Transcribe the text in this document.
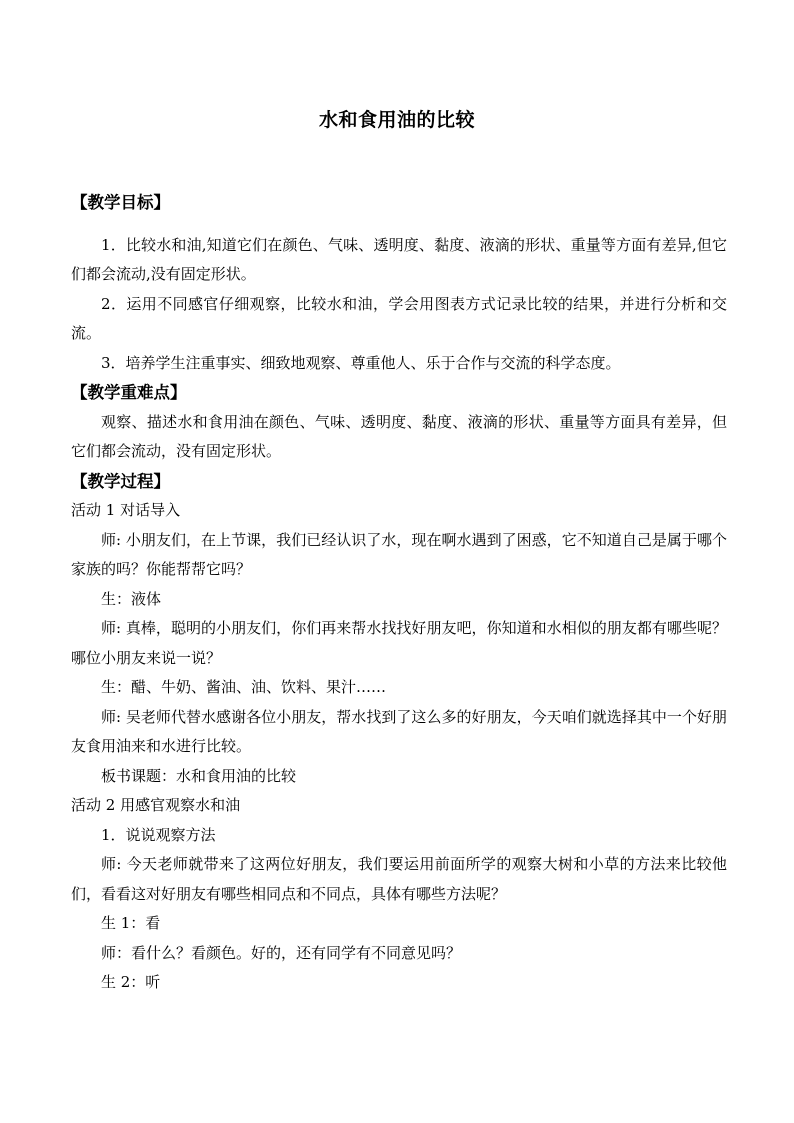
水和食用油的比较

【教学目标】

1．比较水和油,知道它们在颜色、气味、透明度、黏度、液滴的形状、重量等方面有差异,但它们都会流动,没有固定形状。

2．运用不同感官仔细观察，比较水和油，学会用图表方式记录比较的结果，并进行分析和交流。

3．培养学生注重事实、细致地观察、尊重他人、乐于合作与交流的科学态度。

【教学重难点】

观察、描述水和食用油在颜色、气味、透明度、黏度、液滴的形状、重量等方面具有差异，但它们都会流动，没有固定形状。

【教学过程】

活动 1 对话导入

师: 小朋友们，在上节课，我们已经认识了水，现在啊水遇到了困惑，它不知道自己是属于哪个家族的吗？你能帮帮它吗？

生：液体

师: 真棒，聪明的小朋友们，你们再来帮水找找好朋友吧，你知道和水相似的朋友都有哪些呢？哪位小朋友来说一说？

生：醋、牛奶、酱油、油、饮料、果汁……

师: 吴老师代替水感谢各位小朋友，帮水找到了这么多的好朋友，今天咱们就选择其中一个好朋友食用油来和水进行比较。

板书课题：水和食用油的比较

活动 2 用感官观察水和油

1．说说观察方法

师: 今天老师就带来了这两位好朋友，我们要运用前面所学的观察大树和小草的方法来比较他们，看看这对好朋友有哪些相同点和不同点，具体有哪些方法呢？

生 1：看

师：看什么？看颜色。好的，还有同学有不同意见吗？

生 2：听
